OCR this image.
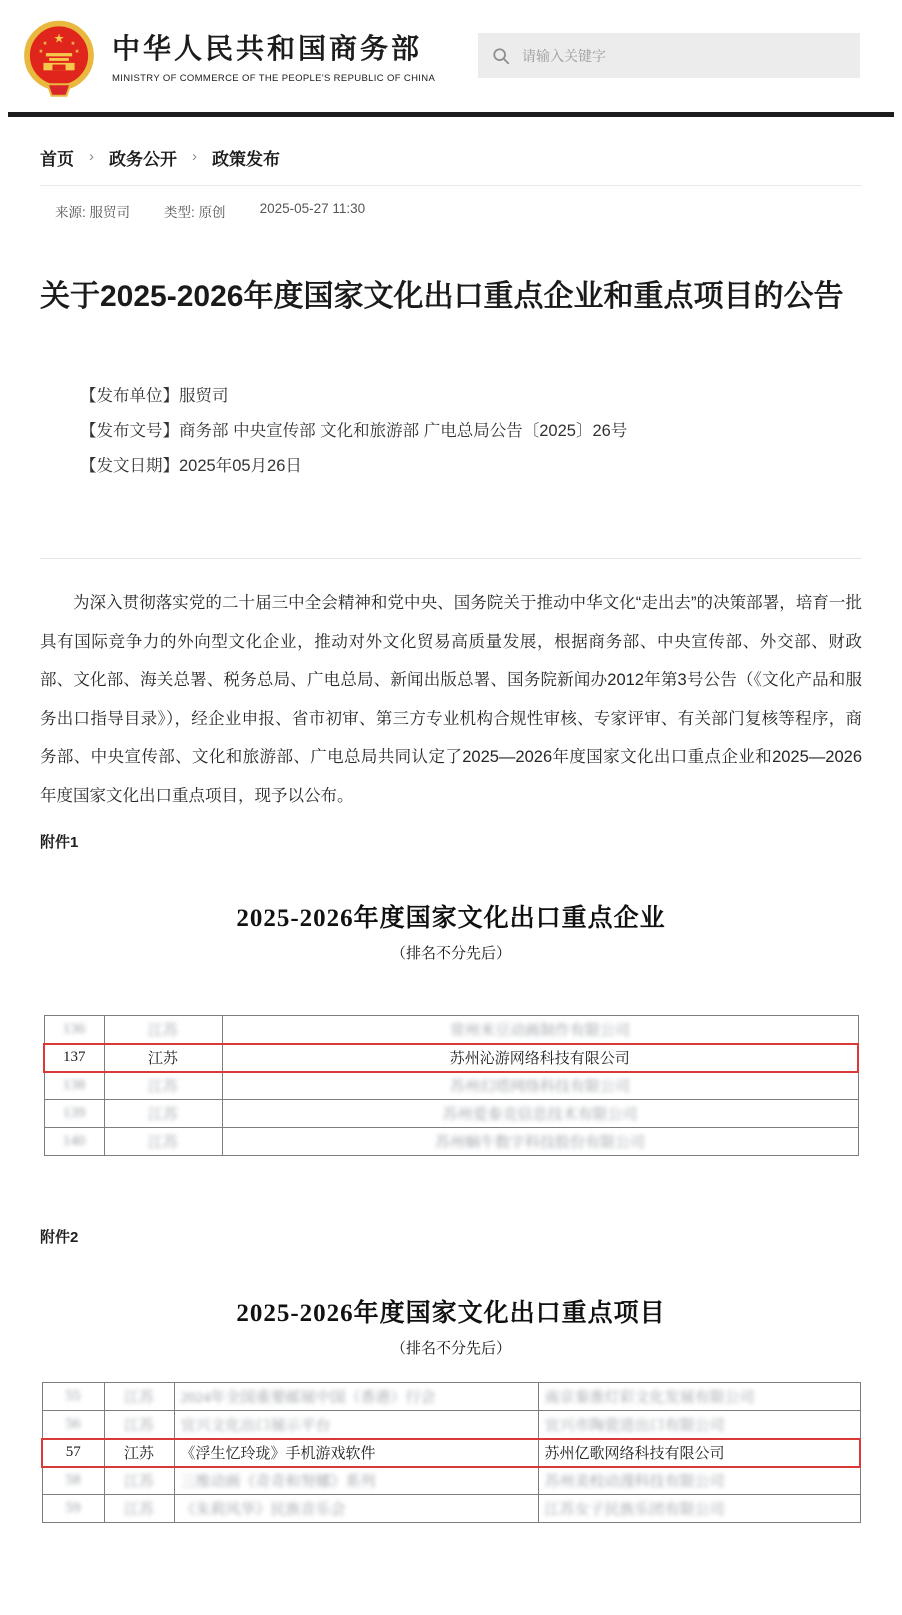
★
★	★
★	★ 中华人民共和国商务部
MINISTRY OF COMMERCE OF THE PEOPLE'S REPUBLIC OF CHINA
请输入关键字
首页 › 政务公开 › 政策发布
来源: 服贸司	类型: 原创	2025-05-27 11:30
关于2025-2026年度国家文化出口重点企业和重点项目的公告
【发布单位】服贸司
【发布文号】商务部 中央宣传部 文化和旅游部 广电总局公告〔2025〕26号
【发文日期】2025年05月26日

为深入贯彻落实党的二十届三中全会精神和党中央、国务院关于推动中华文化“走出去”的决策部署，培育一批具有国际竞争力的外向型文化企业，推动对外文化贸易高质量发展，根据商务部、中央宣传部、外交部、财政部、文化部、海关总署、税务总局、广电总局、新闻出版总署、国务院新闻办2012年第3号公告（《文化产品和服务出口指导目录》），经企业申报、省市初审、第三方专业机构合规性审核、专家评审、有关部门复核等程序，商务部、中央宣传部、文化和旅游部、广电总局共同认定了2025—2026年度国家文化出口重点企业和2025—2026年度国家文化出口重点项目，现予以公布。

附件1
2025-2026年度国家文化出口重点企业
（排名不分先后）
136	江苏	常州米豆动画制作有限公司
137	江苏	苏州沁游网络科技有限公司
138	江苏	苏州幻塔网络科技有限公司
139	江苏	苏州爱泰克信息技术有限公司
140	江苏	苏州蜗牛数字科技股份有限公司
附件2
2025-2026年度国家文化出口重点项目
（排名不分先后）
55	江苏	2024年全国重要邮展中国（香港）行会	南京秦淮灯彩文化发展有限公司
56	江苏	宜兴文化出口展示平台	宜兴市陶瓷进出口有限公司
57	江苏	《浮生忆玲珑》手机游戏软件	苏州亿歌网络科技有限公司
58	江苏	三维动画《奇奇和努娜》系列	苏州美校动漫科技有限公司
59	江苏	《朱莉风华》民族音乐会	江苏女子民族乐团有限公司
